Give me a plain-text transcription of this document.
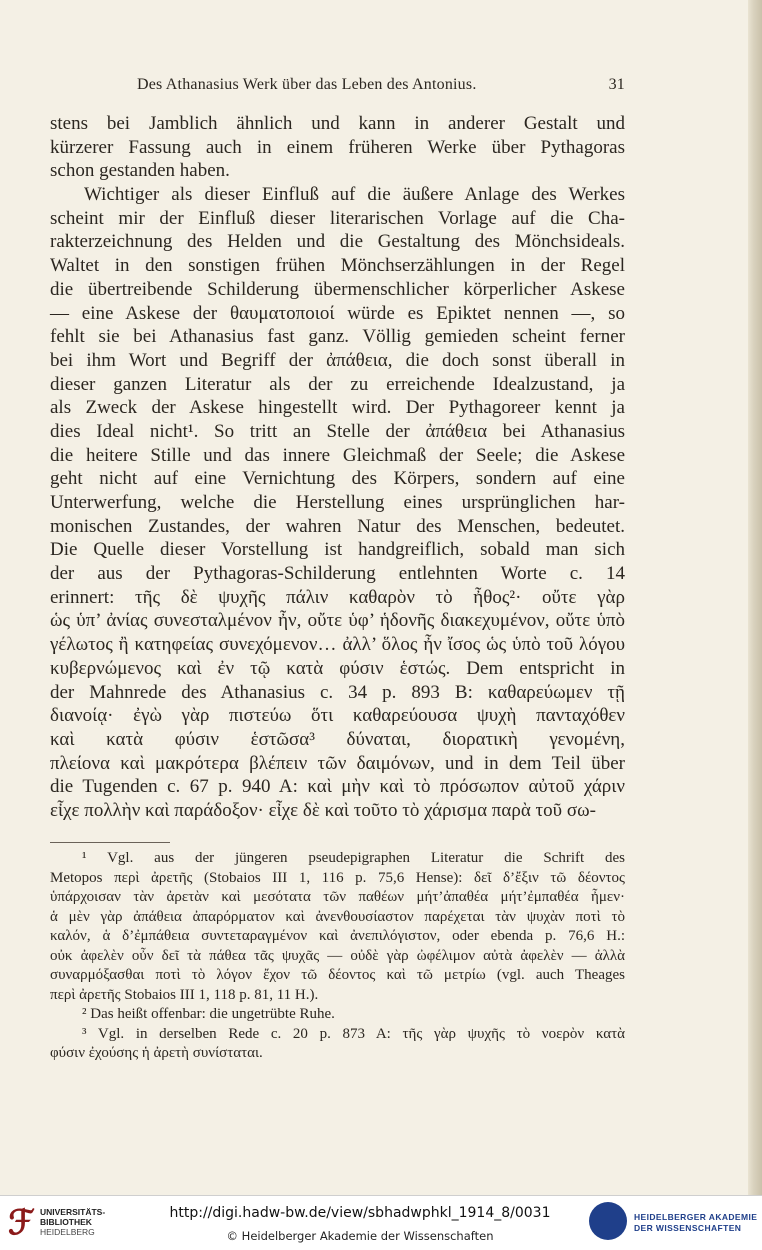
Des Athanasius Werk über das Leben des Antonius.	31
stens bei Jamblich ähnlich und kann in anderer Gestalt und
kürzerer Fassung auch in einem früheren Werke über Pythagoras
schon gestanden haben.
Wichtiger als dieser Einfluß auf die äußere Anlage des Werkes
scheint mir der Einfluß dieser literarischen Vorlage auf die Cha-
rakterzeichnung des Helden und die Gestaltung des Mönchsideals.
Waltet in den sonstigen frühen Mönchserzählungen in der Regel
die übertreibende Schilderung übermenschlicher körperlicher Askese
— eine Askese der θαυματοποιοί würde es Epiktet nennen —, so
fehlt sie bei Athanasius fast ganz. Völlig gemieden scheint ferner
bei ihm Wort und Begriff der ἀπάθεια, die doch sonst überall in
dieser ganzen Literatur als der zu erreichende Idealzustand, ja
als Zweck der Askese hingestellt wird. Der Pythagoreer kennt ja
dies Ideal nicht¹. So tritt an Stelle der ἀπάθεια bei Athanasius
die heitere Stille und das innere Gleichmaß der Seele; die Askese
geht nicht auf eine Vernichtung des Körpers, sondern auf eine
Unterwerfung, welche die Herstellung eines ursprünglichen har-
monischen Zustandes, der wahren Natur des Menschen, bedeutet.
Die Quelle dieser Vorstellung ist handgreiflich, sobald man sich
der aus der Pythagoras-Schilderung entlehnten Worte c. 14
erinnert: τῆς δὲ ψυχῆς πάλιν καθαρὸν τὸ ἦθος²· οὔτε γὰρ
ὡς ὑπ’ ἀνίας συνεσταλμένον ἦν, οὔτε ὑφ’ ἡδονῆς διακεχυμένον, οὔτε ὑπὸ
γέλωτος ἢ κατηφείας συνεχόμενον… ἀλλ’ ὅλος ἦν ἴσος ὡς ὑπὸ τοῦ λόγου
κυβερνώμενος καὶ ἐν τῷ κατὰ φύσιν ἑστώς. Dem entspricht in
der Mahnrede des Athanasius c. 34 p. 893 B: καθαρεύωμεν τῇ
διανοίᾳ· ἐγὼ γὰρ πιστεύω ὅτι καθαρεύουσα ψυχὴ πανταχόθεν
καὶ κατὰ φύσιν ἑστῶσα³ δύναται, διορατικὴ γενομένη,
πλείονα καὶ μακρότερα βλέπειν τῶν δαιμόνων, und in dem Teil über
die Tugenden c. 67 p. 940 A: καὶ μὴν καὶ τὸ πρόσωπον αὐτοῦ χάριν
εἶχε πολλὴν καὶ παράδοξον· εἶχε δὲ καὶ τοῦτο τὸ χάρισμα παρὰ τοῦ σω-
¹ Vgl. aus der jüngeren pseudepigraphen Literatur die Schrift des
Metopos περὶ ἀρετῆς (Stobaios III 1, 116 p. 75,6 Hense): δεῖ δ’ἔξιν τῶ δέοντος
ὑπάρχοισαν τὰν ἀρετὰν καὶ μεσότατα τῶν παθέων μήτ’ἀπαθέα μήτ’ἐμπαθέα ἦμεν·
ἁ μὲν γὰρ ἀπάθεια ἀπαρόρματον καὶ ἀνενθουσίαστον παρέχεται τὰν ψυχὰν ποτὶ τὸ
καλόν, ἁ δ’ἐμπάθεια συντεταραγμένον καὶ ἀνεπιλόγιστον, oder ebenda p. 76,6 H.:
οὐκ ἀφελὲν οὖν δεῖ τὰ πάθεα τᾶς ψυχᾶς — οὐδὲ γὰρ ὠφέλιμον αὐτὰ ἀφελὲν — ἀλλὰ
συναρμόξασθαι ποτὶ τὸ λόγον ἔχον τῶ δέοντος καὶ τῶ μετρίω (vgl. auch Theages
περὶ ἀρετῆς Stobaios III 1, 118 p. 81, 11 H.).
² Das heißt offenbar: die ungetrübte Ruhe.
³ Vgl. in derselben Rede c. 20 p. 873 A: τῆς γὰρ ψυχῆς τὸ νοερὸν κατὰ
φύσιν ἐχούσης ἡ ἀρετὴ συνίσταται.
ℱ UNIVERSITÄTS-
BIBLIOTHEK
HEIDELBERG
http://digi.hadw-bw.de/view/sbhadwphkl_1914_8/0031
© Heidelberger Akademie der Wissenschaften
HEIDELBERGER AKADEMIE
DER WISSENSCHAFTEN
